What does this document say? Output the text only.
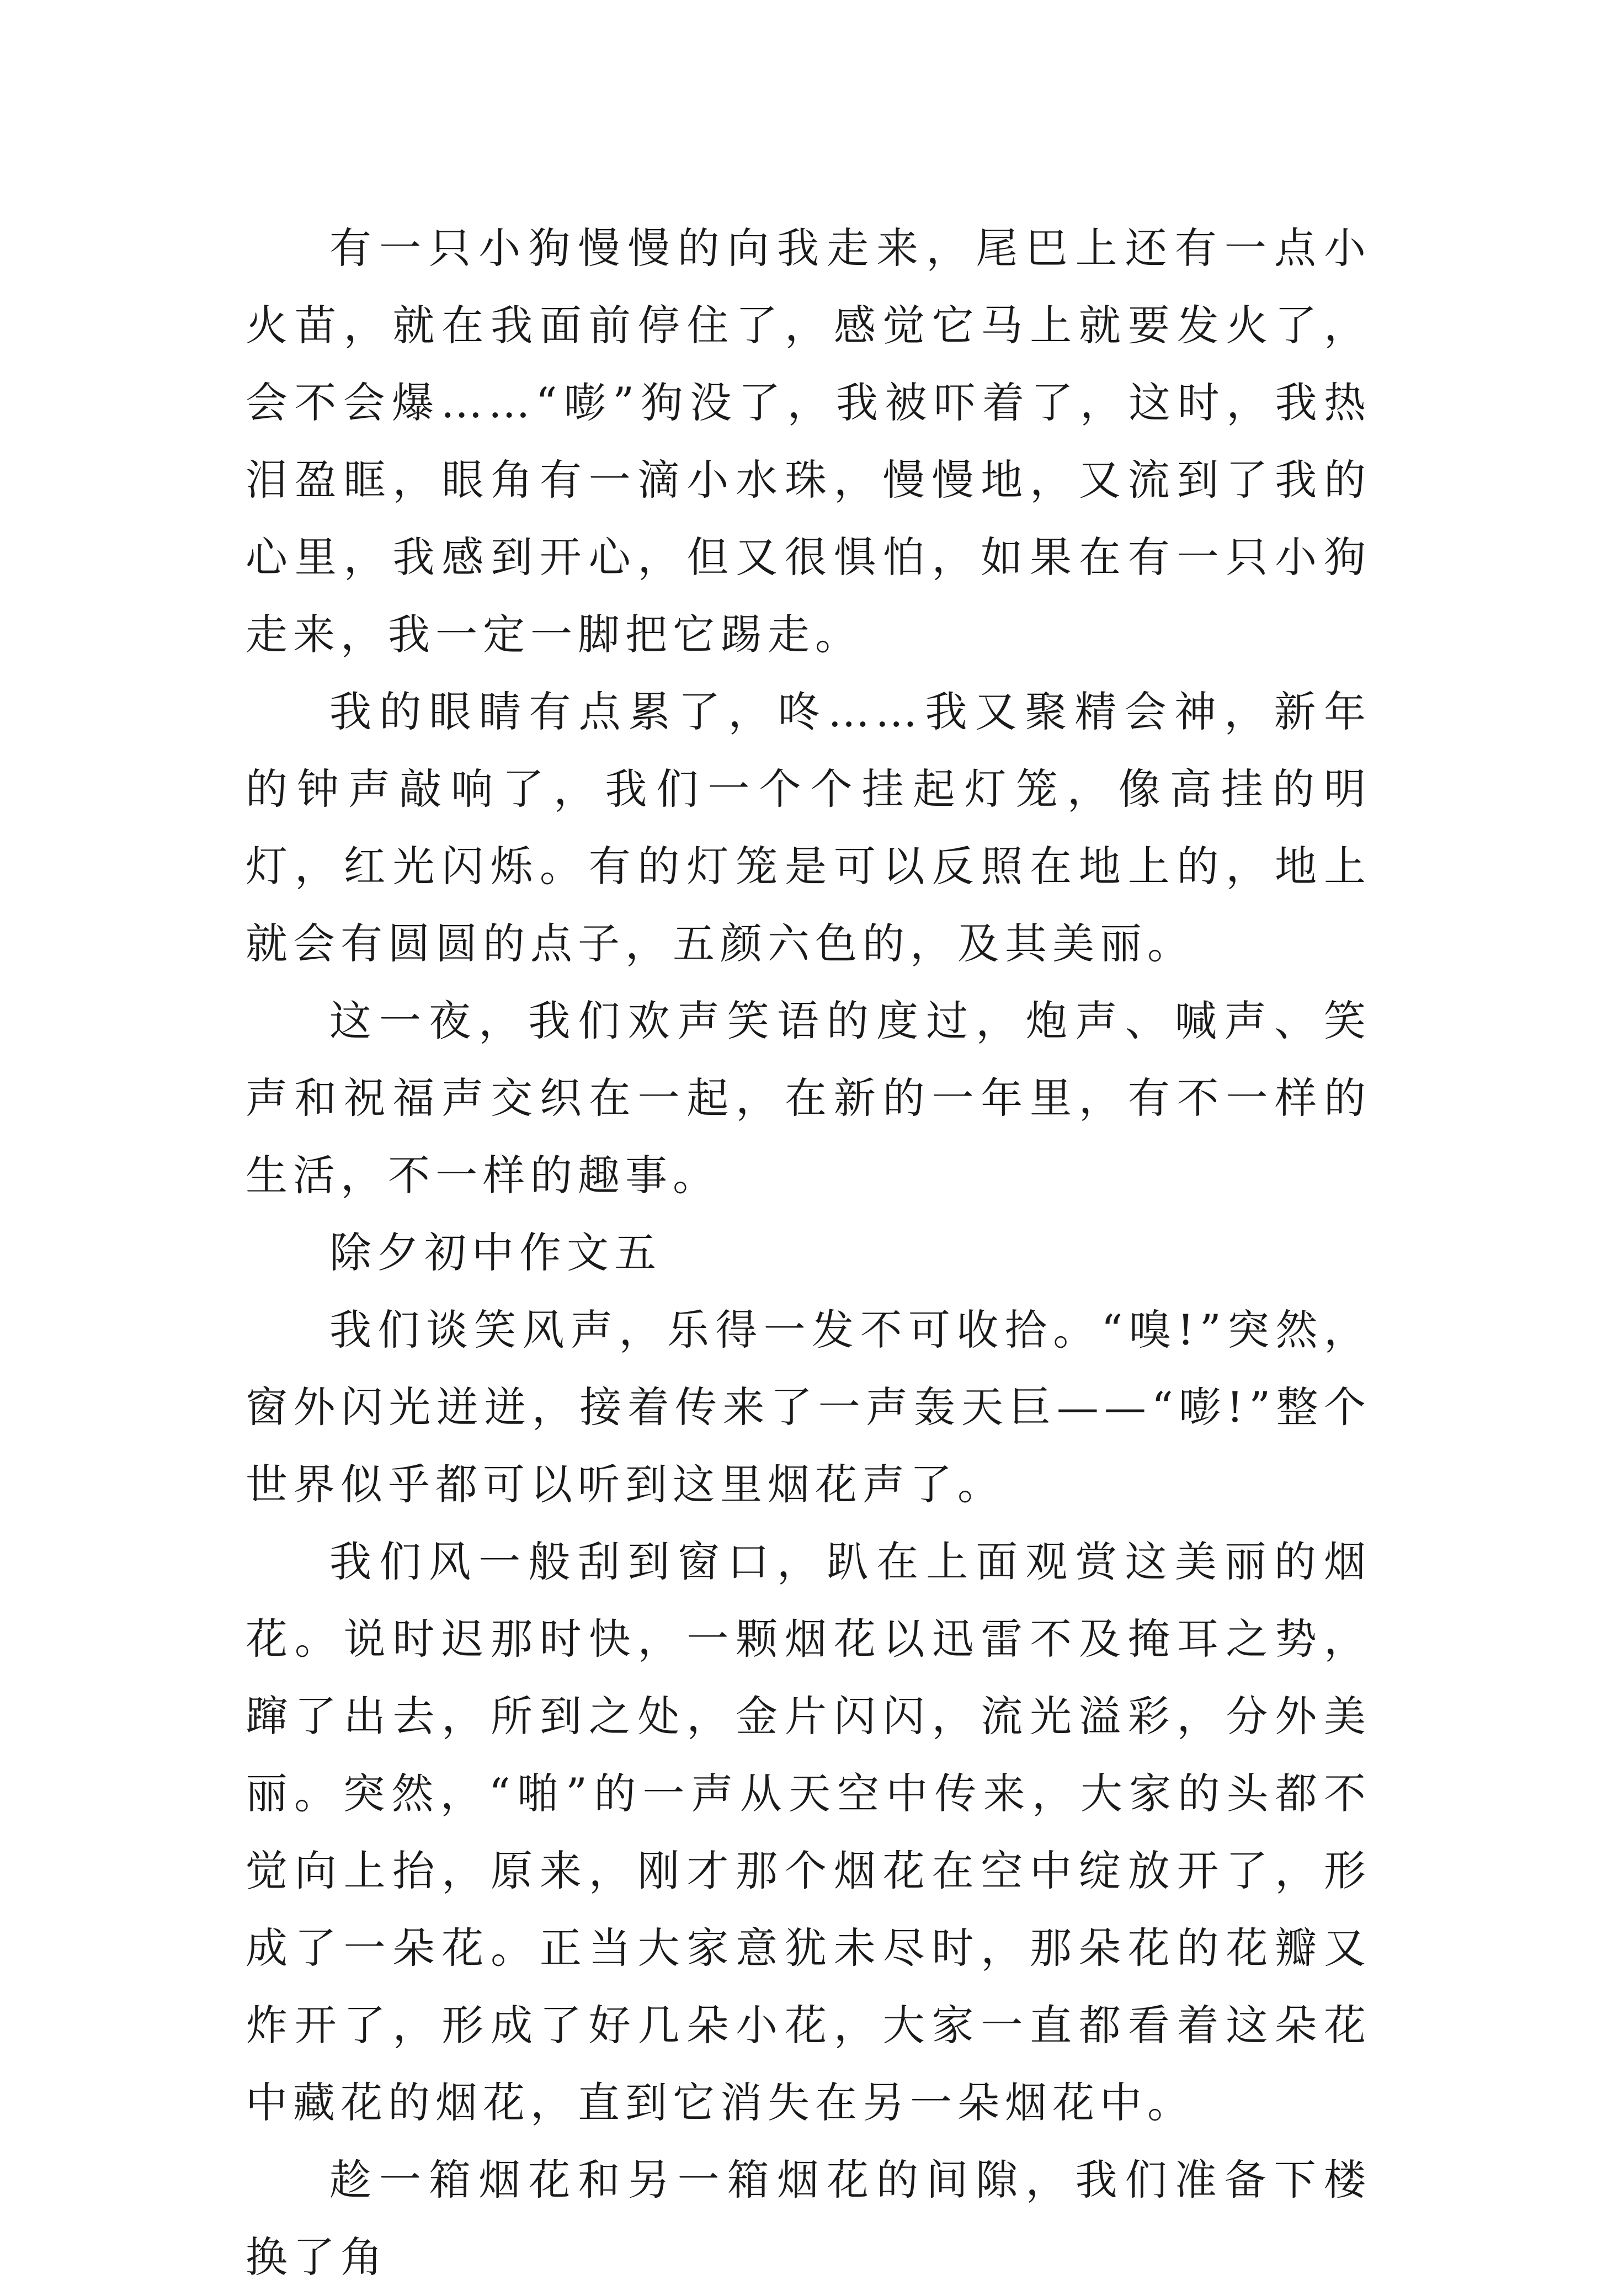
有一只小狗慢慢的向我走来，尾巴上还有一点小火苗，就在我面前停住了，感觉它马上就要发火了，会不会爆……“嘭”狗没了，我被吓着了，这时，我热泪盈眶，眼角有一滴小水珠，慢慢地，又流到了我的心里，我感到开心，但又很惧怕，如果在有一只小狗走来，我一定一脚把它踢走。

我的眼睛有点累了，咚……我又聚精会神，新年的钟声敲响了，我们一个个挂起灯笼，像高挂的明灯，红光闪烁。有的灯笼是可以反照在地上的，地上就会有圆圆的点子，五颜六色的，及其美丽。

这一夜，我们欢声笑语的度过，炮声、喊声、笑声和祝福声交织在一起，在新的一年里，有不一样的生活，不一样的趣事。

除夕初中作文五

我们谈笑风声，乐得一发不可收拾。“嗅!”突然，窗外闪光迸迸，接着传来了一声轰天巨——“嘭!”整个世界似乎都可以听到这里烟花声了。

我们风一般刮到窗口，趴在上面观赏这美丽的烟花。说时迟那时快，一颗烟花以迅雷不及掩耳之势，蹿了出去，所到之处，金片闪闪，流光溢彩，分外美丽。突然，“啪”的一声从天空中传来，大家的头都不觉向上抬，原来，刚才那个烟花在空中绽放开了，形成了一朵花。正当大家意犹未尽时，那朵花的花瓣又炸开了，形成了好几朵小花，大家一直都看着这朵花中藏花的烟花，直到它消失在另一朵烟花中。

趁一箱烟花和另一箱烟花的间隙，我们准备下楼换了角
